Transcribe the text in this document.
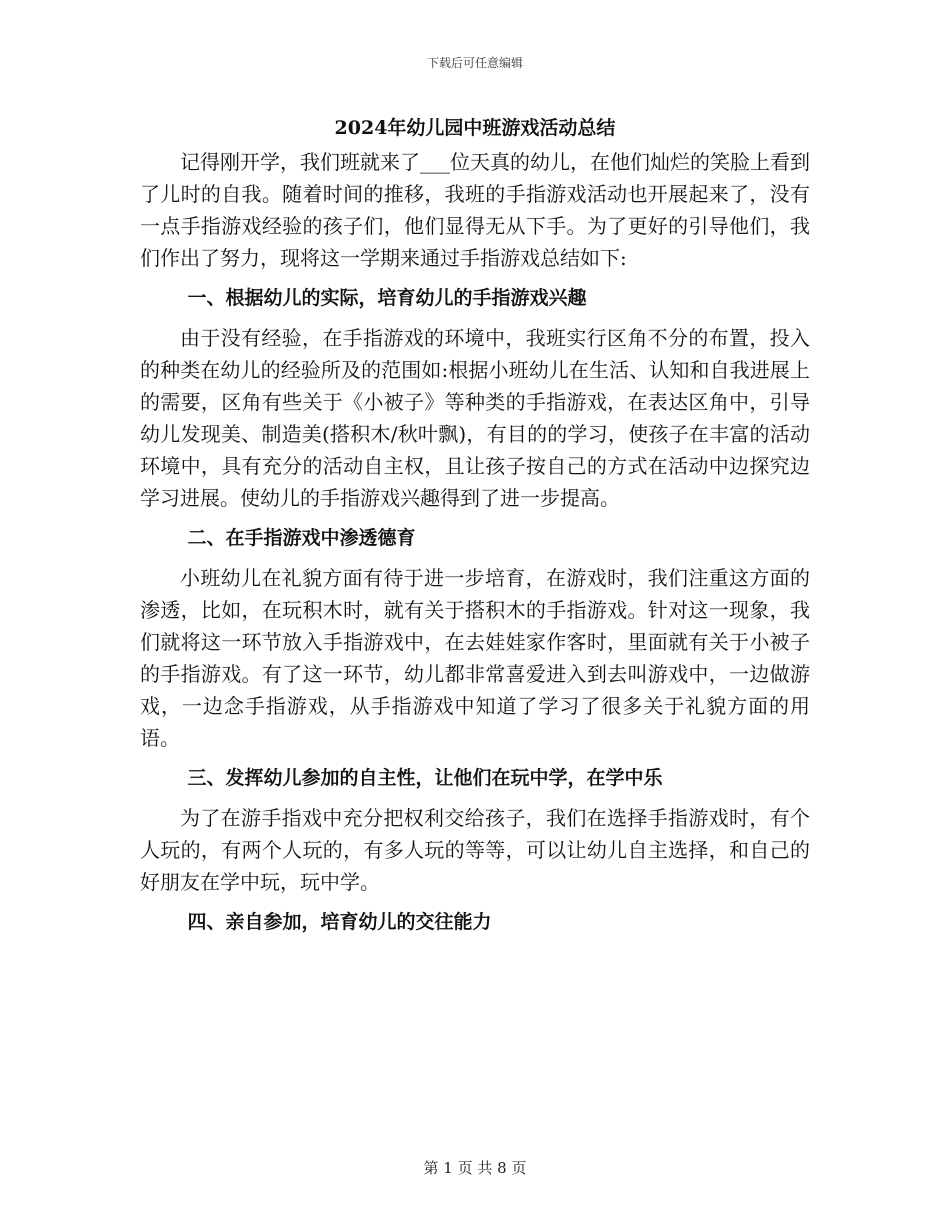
下载后可任意编辑
2024年幼儿园中班游戏活动总结
记得刚开学，我们班就来了___位天真的幼儿，在他们灿烂的笑脸上看到了儿时的自我。随着时间的推移，我班的手指游戏活动也开展起来了，没有一点手指游戏经验的孩子们，他们显得无从下手。为了更好的引导他们，我们作出了努力，现将这一学期来通过手指游戏总结如下:
一、根据幼儿的实际，培育幼儿的手指游戏兴趣
由于没有经验，在手指游戏的环境中，我班实行区角不分的布置，投入的种类在幼儿的经验所及的范围如:根据小班幼儿在生活、认知和自我进展上的需要，区角有些关于《小被子》等种类的手指游戏，在表达区角中，引导幼儿发现美、制造美(搭积木/秋叶飘)，有目的的学习，使孩子在丰富的活动环境中，具有充分的活动自主权，且让孩子按自己的方式在活动中边探究边学习进展。使幼儿的手指游戏兴趣得到了进一步提高。
二、在手指游戏中渗透德育
小班幼儿在礼貌方面有待于进一步培育，在游戏时，我们注重这方面的渗透，比如，在玩积木时，就有关于搭积木的手指游戏。针对这一现象，我们就将这一环节放入手指游戏中，在去娃娃家作客时，里面就有关于小被子的手指游戏。有了这一环节，幼儿都非常喜爱进入到去叫游戏中，一边做游戏，一边念手指游戏，从手指游戏中知道了学习了很多关于礼貌方面的用语。
三、发挥幼儿参加的自主性，让他们在玩中学，在学中乐
为了在游手指戏中充分把权利交给孩子，我们在选择手指游戏时，有个人玩的，有两个人玩的，有多人玩的等等，可以让幼儿自主选择，和自己的好朋友在学中玩，玩中学。
四、亲自参加，培育幼儿的交往能力
第 1 页 共 8 页
